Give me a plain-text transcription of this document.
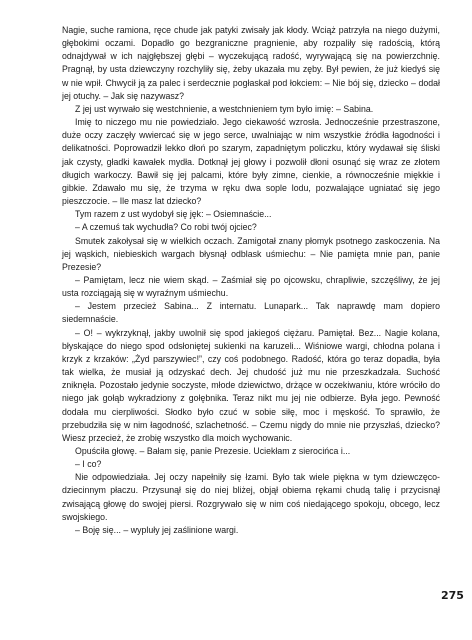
Nagie, suche ramiona, ręce chude jak patyki zwisały jak kłody. Wciąż patrzyła na niego dużymi, głębokimi oczami. Dopadło go bezgraniczne pragnienie, aby rozpaliły się radością, którą odnajdywał w ich najgłębszej głębi – wyczekującą radość, wyrywającą się na powierzchnię. Pragnął, by usta dziewczyny rozchyliły się, żeby ukazała mu zęby. Był pewien, że już kiedyś się w nie wpił. Chwycił ją za palec i serdecznie pogłaskał pod łokciem: – Nie bój się, dziecko – dodał jej otuchy. – Jak się nazywasz?

Z jej ust wyrwało się westchnienie, a westchnieniem tym było imię: – Sabina.

Imię to niczego mu nie powiedziało. Jego ciekawość wzrosła. Jednocześnie przestraszone, duże oczy zaczęły wwiercać się w jego serce, uwalniając w nim wszystkie źródła łagodności i delikatności. Poprowadził lekko dłoń po szarym, zapadniętym policzku, który wydawał się śliski jak czysty, gładki kawałek mydła. Dotknął jej głowy i pozwolił dłoni osunąć się wraz ze złotem długich warkoczy. Bawił się jej palcami, które były zimne, cienkie, a równocześnie miękkie i gibkie. Zdawało mu się, że trzyma w ręku dwa sople lodu, pozwalające ugniatać się jego pieszczocie. – Ile masz lat dziecko?

Tym razem z ust wydobył się jęk: – Osiemnaście...

– A czemuś tak wychudła? Co robi twój ojciec?

Smutek zakołysał się w wielkich oczach. Zamigotał znany płomyk psotnego zaskoczenia. Na jej wąskich, niebieskich wargach błysnął odblask uśmiechu: – Nie pamięta mnie pan, panie Prezesie?

– Pamiętam, lecz nie wiem skąd. – Zaśmiał się po ojcowsku, chrapliwie, szczęśliwy, że jej usta rozciągają się w wyraźnym uśmiechu.

– Jestem przecież Sabina... Z internatu. Lunapark... Tak naprawdę mam dopiero siedemnaście.

– O! – wykrzyknął, jakby uwolnił się spod jakiegoś ciężaru. Pamiętał. Bez... Nagie kolana, błyskające do niego spod odsłoniętej sukienki na karuzeli... Wiśniowe wargi, chłodna polana i krzyk z krzaków: „Żyd parszywiec!”, czy coś podobnego. Radość, która go teraz dopadła, była tak wielka, że musiał ją odzyskać dech. Jej chudość już mu nie przeszkadzała. Suchość zniknęła. Pozostało jedynie soczyste, młode dziewictwo, drżące w oczekiwaniu, które wróciło do niego jak gołąb wykradziony z gołębnika. Teraz nikt mu jej nie odbierze. Była jego. Pewność dodała mu cierpliwości. Słodko było czuć w sobie siłę, moc i męskość. To sprawiło, że przebudziła się w nim łagodność, szlachetność. – Czemu nigdy do mnie nie przyszłaś, dziecko? Wiesz przecież, że zrobię wszystko dla moich wychowanic.

Opuściła głowę. – Bałam się, panie Prezesie. Uciekłam z sierocińca i...

– I co?

Nie odpowiedziała. Jej oczy napełniły się łzami. Było tak wiele piękna w tym dziewczęco-dziecinnym płaczu. Przysunął się do niej bliżej, objął obiema rękami chudą talię i przycisnął zwisającą głowę do swojej piersi. Rozgrywało się w nim coś niedającego spokoju, obcego, lecz swojskiego.

– Boję się... – wypluły jej zaślinione wargi.

275
